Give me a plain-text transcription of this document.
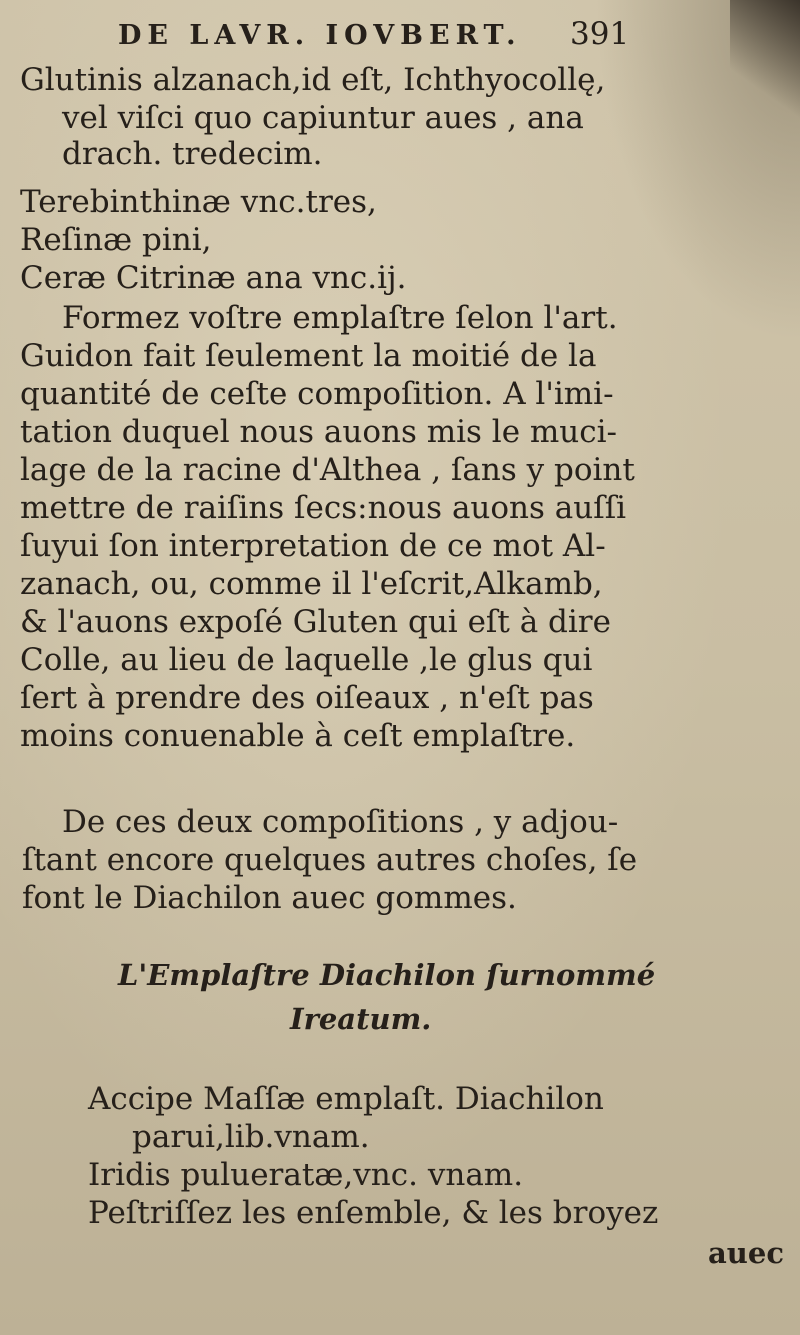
DE LAVR. IOVBERT. 391
Glutinis alzanach,id eſt, Ichthyocollę,
vel viſci quo capiuntur aues , ana
drach. tredecim.
Terebinthinæ vnc.tres,
Reſinæ pini,
Ceræ Citrinæ ana vnc.ij.
Formez voſtre emplaſtre ſelon l'art.
Guidon fait ſeulement la moitié de la
quantité de ceſte compoſition. A l'imi-
tation duquel nous auons mis le muci-
lage de la racine d'Althea , ſans y point
mettre de raiſins ſecs:nous auons auſſi
ſuyui ſon interpretation de ce mot Al-
zanach, ou, comme il l'eſcrit,Alkamb,
& l'auons expoſé Gluten qui eſt à dire
Colle, au lieu de laquelle ,le glus qui
ſert à prendre des oiſeaux , n'eſt pas
moins conuenable à ceſt emplaſtre.
De ces deux compoſitions , y adjou-
ſtant encore quelques autres choſes, ſe
font le Diachilon auec gommes.
L'Emplaſtre Diachilon ſurnommé
Ireatum.
Accipe Maſſæ emplaſt. Diachilon
parui,lib.vnam.
Iridis pulueratæ,vnc. vnam.
Peſtriſſez les enſemble, & les broyez
auec
